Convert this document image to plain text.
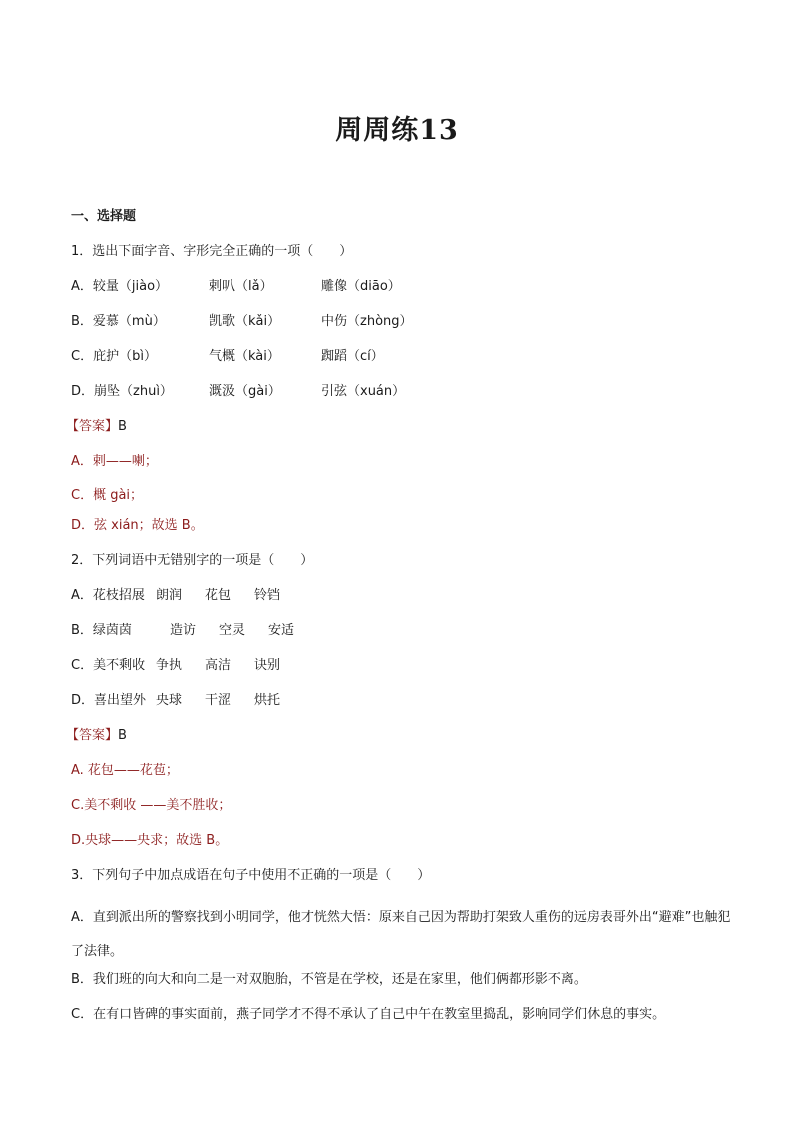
周周练13
一、选择题
1．选出下面字音、字形完全正确的一项（　　）
A．较量（jiào）	剌叭（lǎ）	雕像（diāo）
B．爱慕（mù）	凯歌（kǎi）	中伤（zhòng）
C．庇护（bì）	气概（kài）	踟蹈（cí）
D．崩坠（zhuì）	溉汲（gài）	引弦（xuán）
【答案】B
A．剌——喇；
C．概 gài；
D．弦 xián；故选 B。
2．下列词语中无错别字的一项是（　　）
A．花枝招展 朗润 花包 铃铛
B．绿茵茵	造访 空灵 安适
C．美不剩收 争执 高洁 诀别
D．喜出望外 央球 干涩 烘托
【答案】B
A. 花包——花苞；
C.美不剩收 ——美不胜收；
D.央球——央求；故选 B。
3．下列句子中加点成语在句子中使用不正确的一项是（　　）
A．直到派出所的警察找到小明同学，他才恍然大悟：原来自己因为帮助打架致人重伤的远房表哥外出“避难”也触犯了法律。
B．我们班的向大和向二是一对双胞胎，不管是在学校，还是在家里，他们俩都形影不离。
C．在有口皆碑的事实面前，燕子同学才不得不承认了自己中午在教室里捣乱，影响同学们休息的事实。
